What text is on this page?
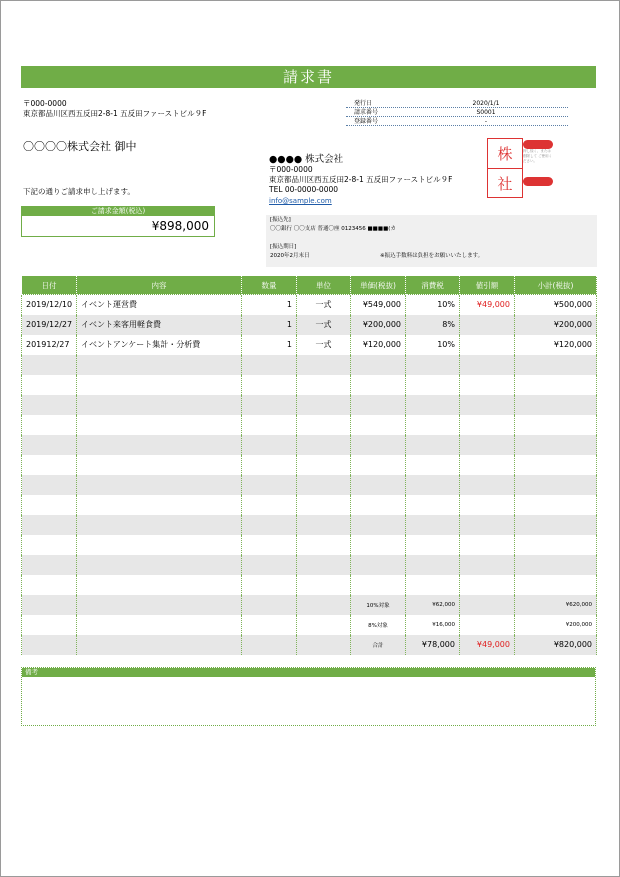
請求書
〒000-0000
東京都品川区西五反田2-8-1 五反田ファーストビル９F
〇〇〇〇株式会社 御中
下記の通りご請求申し上げます。
ご請求金額(税込)
¥898,000
発行日	2020/1/1
請求番号	S0001
登録番号	-
●●●● 株式会社
〒000-0000
東京都品川区西五反田2-8-1 五反田ファーストビル９F
TEL 00-0000-0000
info@sample.com
株
社
押し捺く、または削除して ご使用ください。
[振込先]
〇〇銀行 〇〇支店 普通〇座 0123456 ■■■■(カ
[振込期日]
2020年2月末日	※振込手数料は負担をお願いいたします。
日付	内容	数量	単位	単価(税抜)	消費税	値引額	小計(税抜)
2019/12/10	イベント運営費	1	一式	¥549,000	10%	¥49,000	¥500,000
2019/12/27	イベント来客用軽食費	1	一式	¥200,000	8%		¥200,000
201912/27	イベントアンケート集計・分析費	1	一式	¥120,000	10%		¥120,000

				10%対象	¥62,000		¥620,000
				8%対象	¥16,000		¥200,000
				合計	¥78,000	¥49,000	¥820,000
備考
